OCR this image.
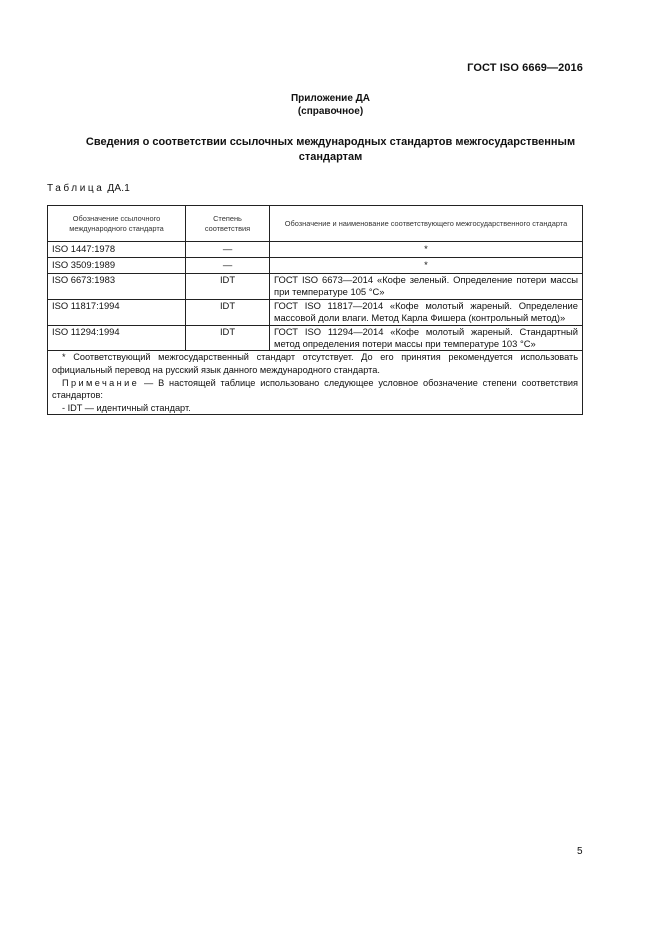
ГОСТ ISO 6669—2016
Приложение ДА
(справочное)
Сведения о соответствии ссылочных международных стандартов межгосударственным стандартам
Таблица ДА.1
Обозначение ссылочного международного стандарта	Степень соответствия	Обозначение и наименование соответствующего межгосударственного стандарта
ISO 1447:1978	—	*
ISO 3509:1989	—	*
ISO 6673:1983	IDT	ГОСТ ISO 6673—2014 «Кофе зеленый. Определение потери массы при температуре 105 °С»
ISO 11817:1994	IDT	ГОСТ ISO 11817—2014 «Кофе молотый жареный. Определение массовой доли влаги. Метод Карла Фишера (контрольный метод)»
ISO 11294:1994	IDT	ГОСТ ISO 11294—2014 «Кофе молотый жареный. Стандартный метод определения потери массы при температуре 103 °С»

* Соответствующий межгосударственный стандарт отсутствует. До его принятия рекомендуется использовать официальный перевод на русский язык данного международного стандарта.

Примечание — В настоящей таблице использовано следующее условное обозначение степени соответствия стандартов:

- IDT — идентичный стандарт.		

5
